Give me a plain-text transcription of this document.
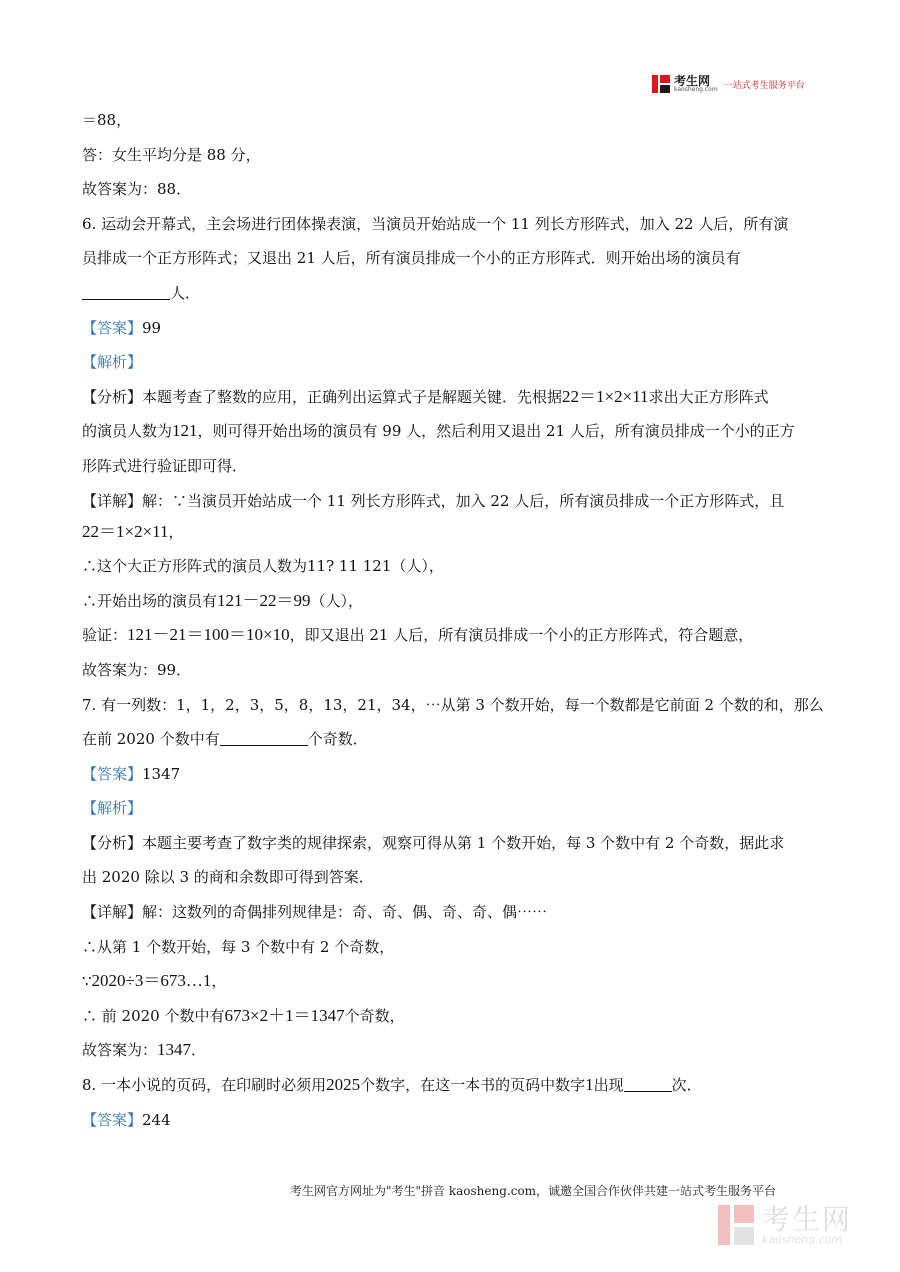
考生网
kaosheng.com 一站式考生服务平台
＝88，
答：女生平均分是 88 分，
故答案为：88．
6. 运动会开幕式，主会场进行团体操表演，当演员开始站成一个 11 列长方形阵式，加入 22 人后，所有演
员排成一个正方形阵式；又退出 21 人后，所有演员排成一个小的正方形阵式．则开始出场的演员有
人．
【答案】99
【解析】
【分析】本题考查了整数的应用，正确列出运算式子是解题关键．先根据22＝1×2×11求出大正方形阵式
的演员人数为121，则可得开始出场的演员有 99 人，然后利用又退出 21 人后，所有演员排成一个小的正方
形阵式进行验证即可得．
【详解】解：∵当演员开始站成一个 11 列长方形阵式，加入 22 人后，所有演员排成一个正方形阵式，且
22＝1×2×11，
∴这个大正方形阵式的演员人数为11? 11 121（人），
∴开始出场的演员有121－22＝99（人），
验证：121－21＝100＝10×10，即又退出 21 人后，所有演员排成一个小的正方形阵式，符合题意，
故答案为：99．
7. 有一列数：1，1，2，3，5，8，13，21，34，⋯从第 3 个数开始，每一个数都是它前面 2 个数的和，那么
在前 2020 个数中有	个奇数．
【答案】1347
【解析】
【分析】本题主要考查了数字类的规律探索，观察可得从第 1 个数开始，每 3 个数中有 2 个奇数，据此求
出 2020 除以 3 的商和余数即可得到答案．
【详解】解：这数列的奇偶排列规律是：奇、奇、偶、奇、奇、偶⋯⋯
∴从第 1 个数开始，每 3 个数中有 2 个奇数，
∵2020÷3＝673…1，
∴ 前 2020 个数中有673×2＋1＝1347个奇数，
故答案为：1347．
8. 一本小说的页码，在印刷时必须用2025个数字，在这一本书的页码中数字1出现	次．
【答案】244
考生网官方网址为"考生"拼音 kaosheng.com，诚邀全国合作伙伴共建一站式考生服务平台
考生网
kaosheng.com
